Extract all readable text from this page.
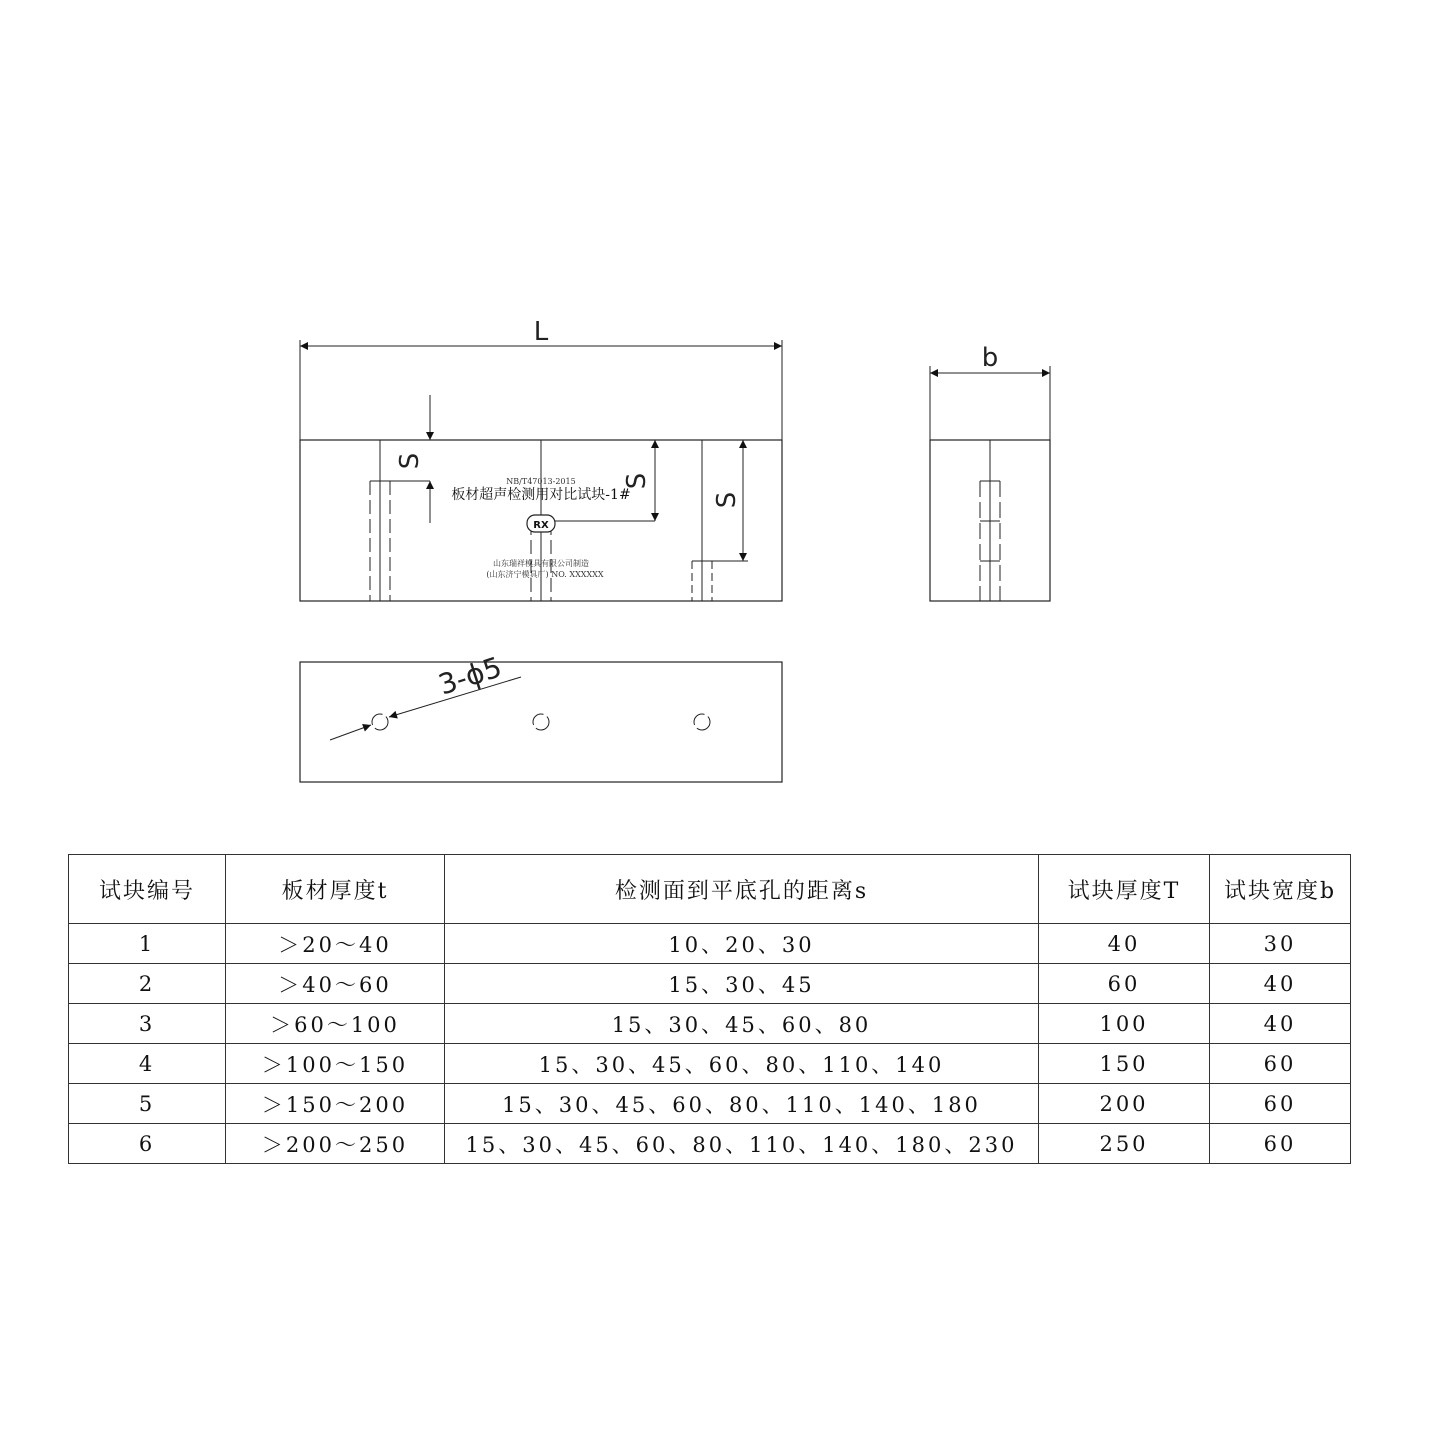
L
S
S
S
NB/T47013-2015
板材超声检测用对比试块-1#
RX
山东瑞祥模具有限公司制造
(山东济宁模具厂) NO. XXXXXX
b
3-ϕ5
试块编号	板材厚度t	检测面到平底孔的距离s	试块厚度T	试块宽度b
1	＞20～40	10、20、30	40	30
2	＞40～60	15、30、45	60	40
3	＞60～100	15、30、45、60、80	100	40
4	＞100～150	15、30、45、60、80、110、140	150	60
5	＞150～200	15、30、45、60、80、110、140、180	200	60
6	＞200～250	15、30、45、60、80、110、140、180、230	250	60
